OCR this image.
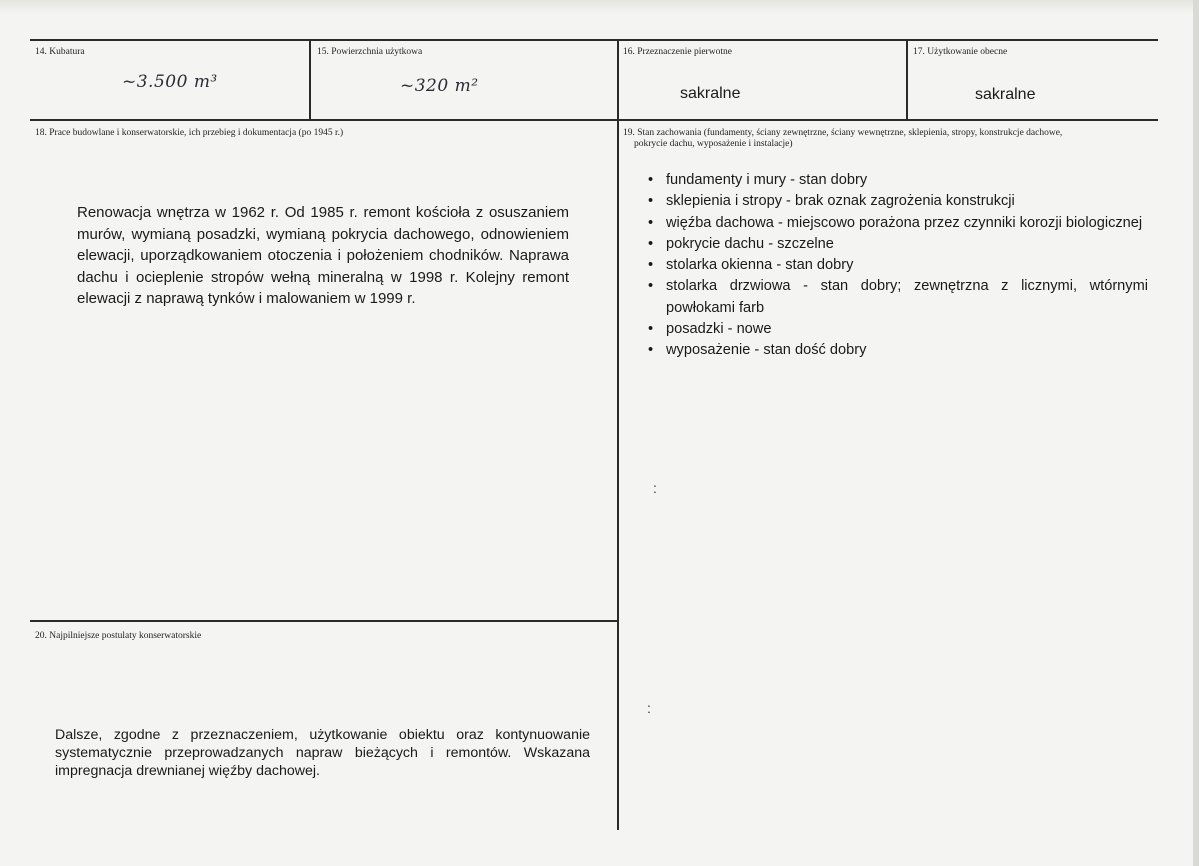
14. Kubatura
~3.500 m³
15. Powierzchnia użytkowa
~320 m²
16. Przeznaczenie pierwotne
sakralne
17. Użytkowanie obecne
sakralne
18. Prace budowlane i konserwatorskie, ich przebieg i dokumentacja (po 1945 r.)
Renowacja wnętrza w 1962 r. Od 1985 r. remont kościoła z osuszaniem murów, wymianą posadzki, wymianą pokrycia dachowego, odnowieniem elewacji, uporządkowaniem otoczenia i położeniem chodników. Naprawa dachu i ocieplenie stropów wełną mineralną w 1998 r. Kolejny remont elewacji z naprawą tynków i malowaniem w 1999 r.
19. Stan zachowania (fundamenty, ściany zewnętrzne, ściany wewnętrzne, sklepienia, stropy, konstrukcje dachowe,
pokrycie dachu, wyposażenie i instalacje)
• fundamenty i mury - stan dobry
• sklepienia i stropy - brak oznak zagrożenia konstrukcji
• więźba dachowa - miejscowo porażona przez czynniki korozji biologicznej
• pokrycie dachu - szczelne
• stolarka okienna - stan dobry
• stolarka drzwiowa - stan dobry; zewnętrzna z licznymi, wtórnymi powłokami farb
• posadzki - nowe
• wyposażenie - stan dość dobry
20. Najpilniejsze postulaty konserwatorskie
Dalsze, zgodne z przeznaczeniem, użytkowanie obiektu oraz kontynuowanie systematycznie przeprowadzanych napraw bieżących i remontów. Wskazana impregnacja drewnianej więźby dachowej.
:
:
